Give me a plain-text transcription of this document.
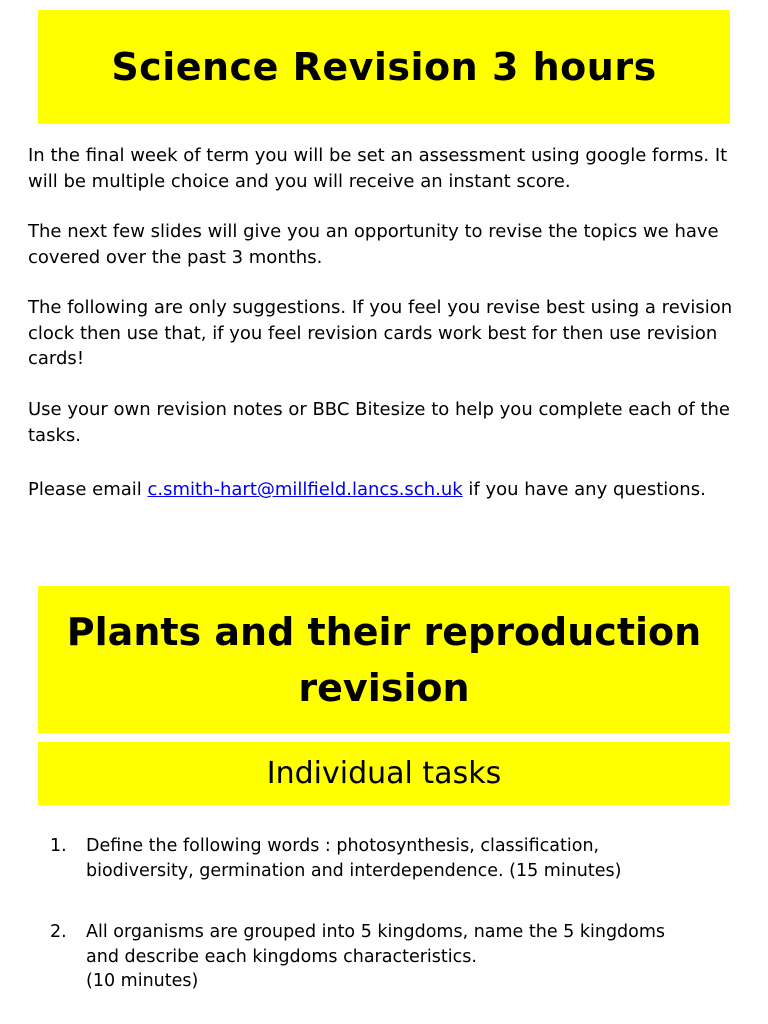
Science Revision 3 hours

In the final week of term you will be set an assessment using google forms. It will be multiple choice and you will receive an instant score.

The next few slides will give you an opportunity to revise the topics we have covered over the past 3 months.

The following are only suggestions. If you feel you revise best using a revision clock then use that, if you feel revision cards work best for then use revision cards!

Use your own revision notes or BBC Bitesize to help you complete each of the tasks.

Please email c.smith-hart@millfield.lancs.sch.uk if you have any questions.

Plants and their reproduction
revision
Individual tasks
1.	Define the following words : photosynthesis, classification,
biodiversity, germination and interdependence. (15 minutes)
2.	All organisms are grouped into 5 kingdoms, name the 5 kingdoms
and describe each kingdoms characteristics.
(10 minutes)
